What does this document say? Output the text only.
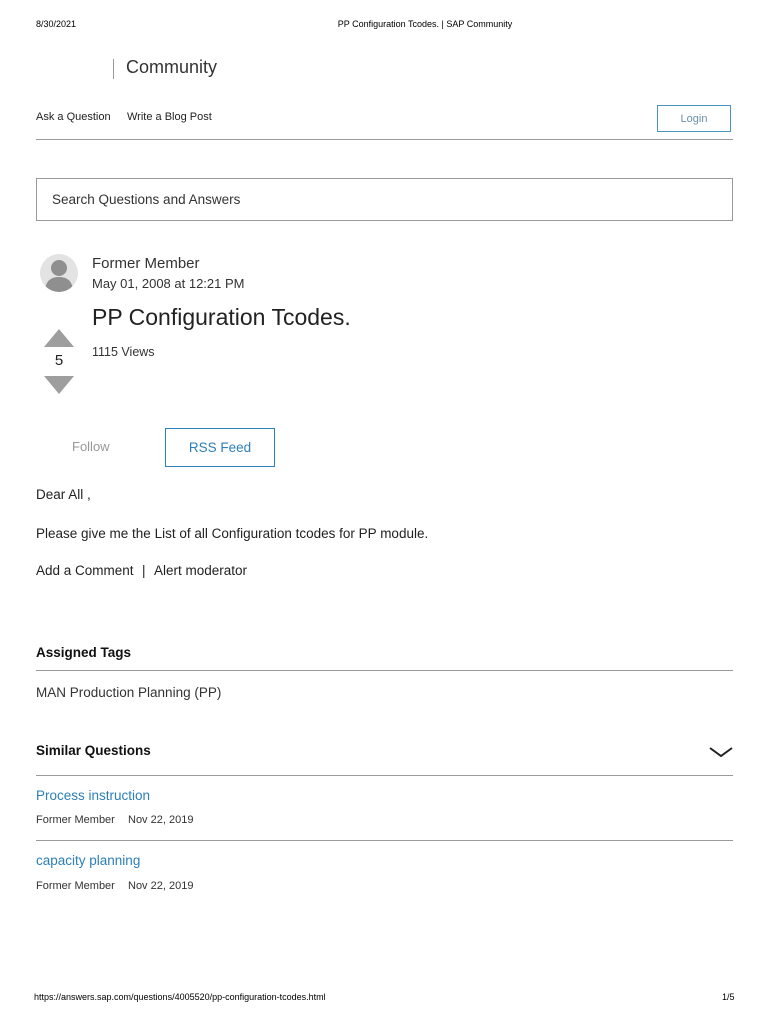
8/30/2021	PP Configuration Tcodes. | SAP Community
Community
Ask a Question Write a Blog Post	Login
Search Questions and Answers
Former Member
May 01, 2008 at 12:21 PM
PP Configuration Tcodes.
1115 Views
5
Follow	RSS Feed
Dear All ,
Please give me the List of all Configuration tcodes for PP module.
Add a Comment | Alert moderator
Assigned Tags
MAN Production Planning (PP)
Similar Questions
Process instruction
Former Member Nov 22, 2019
capacity planning
Former Member Nov 22, 2019
https://answers.sap.com/questions/4005520/pp-configuration-tcodes.html	1/5
